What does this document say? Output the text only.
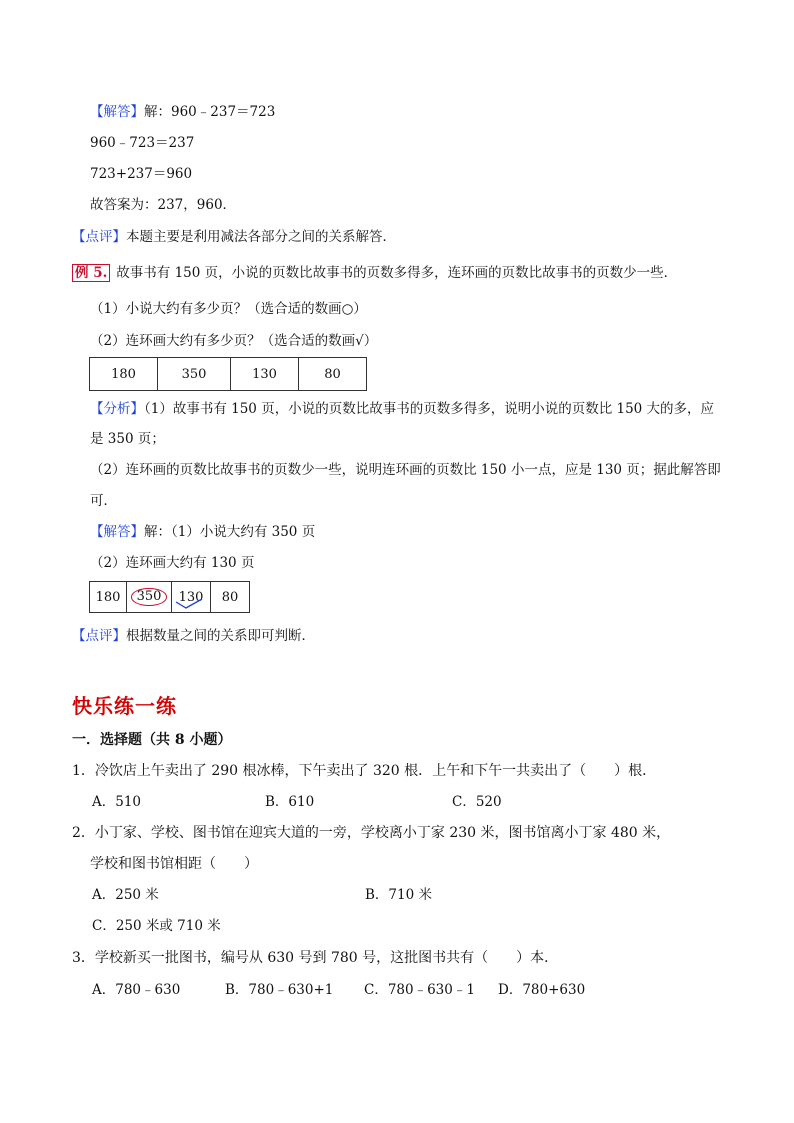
【解答】解：960﹣237＝723
960﹣723＝237
723+237＝960
故答案为：237，960．
【点评】本题主要是利用减法各部分之间的关系解答．
例 5. 故事书有 150 页，小说的页数比故事书的页数多得多，连环画的页数比故事书的页数少一些．
（1）小说大约有多少页？（选合适的数画○）
（2）连环画大约有多少页？（选合适的数画√）
180	350	130	80
【分析】（1）故事书有 150 页，小说的页数比故事书的页数多得多，说明小说的页数比 150 大的多，应
是 350 页；
（2）连环画的页数比故事书的页数少一些，说明连环画的页数比 150 小一点，应是 130 页；据此解答即
可．
【解答】解：（1）小说大约有 350 页
（2）连环画大约有 130 页
180	350	130	80
【点评】根据数量之间的关系即可判断．
快乐练一练
一．选择题（共 8 小题）
1．冷饮店上午卖出了 290 根冰棒，下午卖出了 320 根．上午和下午一共卖出了（　　）根．
A．510	B．610	C．520
2．小丁家、学校、图书馆在迎宾大道的一旁，学校离小丁家 230 米，图书馆离小丁家 480 米，
学校和图书馆相距（　　）
A．250 米	B．710 米
C．250 米或 710 米
3．学校新买一批图书，编号从 630 号到 780 号，这批图书共有（　　）本．
A．780﹣630	B．780﹣630+1 C．780﹣630﹣1 D．780+630
